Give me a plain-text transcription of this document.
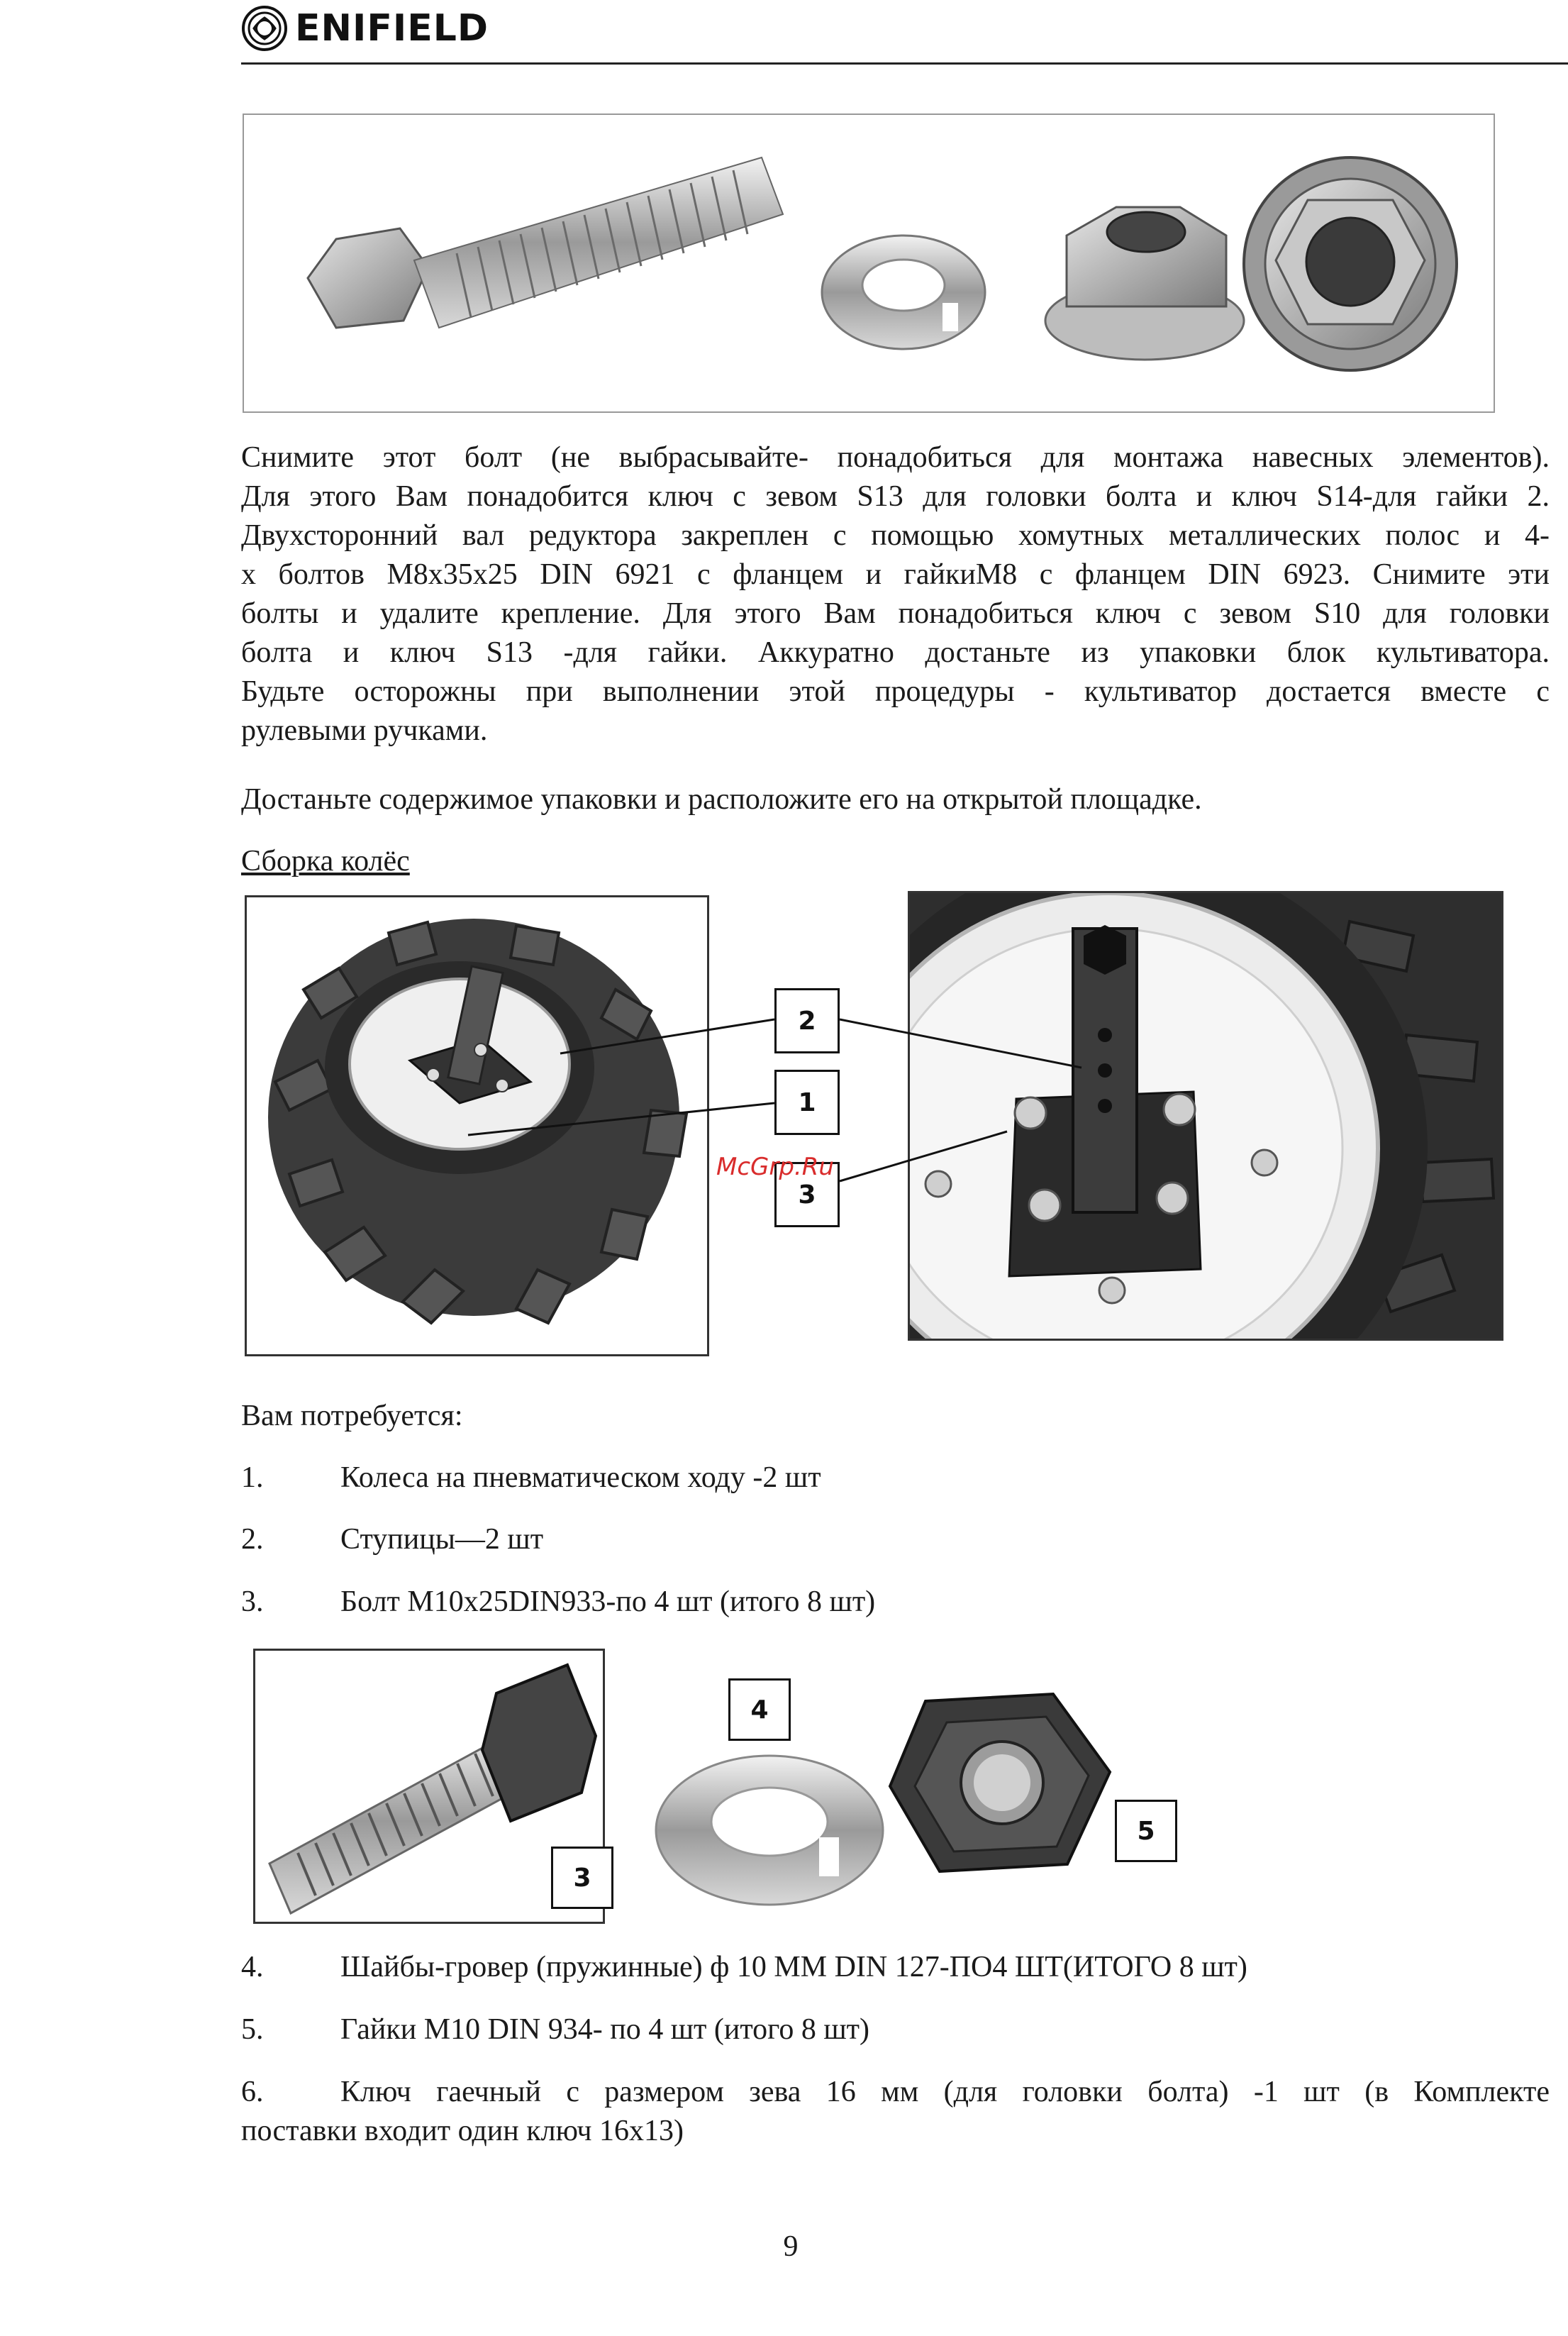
ENIFIELD
Снимите этот болт (не выбрасывайте- понадобиться для монтажа навесных элементов).
Для этого Вам понадобится ключ с зевом S13 для головки болта и ключ S14-для гайки 2.
Двухсторонний вал редуктора закреплен с помощью хомутных металлических полос и 4-
х болтов М8х35х25 DIN 6921 с фланцем и гайкиМ8 с фланцем DIN 6923. Снимите эти
болты и удалите крепление. Для этого Вам понадобиться ключ с зевом S10 для головки
болта и ключ S13 -для гайки. Аккуратно достаньте из упаковки блок культиватора.
Будьте осторожны при выполнении этой процедуры - культиватор достается вместе с
рулевыми ручками.
Достаньте содержимое упаковки и расположите его на открытой площадке.
Сборка колёс
2
1
3
McGrp.Ru
Вам потребуется:
1.	Колеса на пневматическом ходу -2 шт
2.	Ступицы—2 шт
3.	Болт М10х25DIN933-по 4 шт (итого 8 шт)
3
4
5
4.	Шайбы-гровер (пружинные) ф 10 ММ DIN 127-ПО4 ШТ(ИТОГО 8 шт)
5.	Гайки М10 DIN 934- по 4 шт (итого 8 шт)
6.	Ключ гаечный с размером зева 16 мм (для головки болта) -1 шт (в Комплекте
поставки входит один ключ 16х13)
9
